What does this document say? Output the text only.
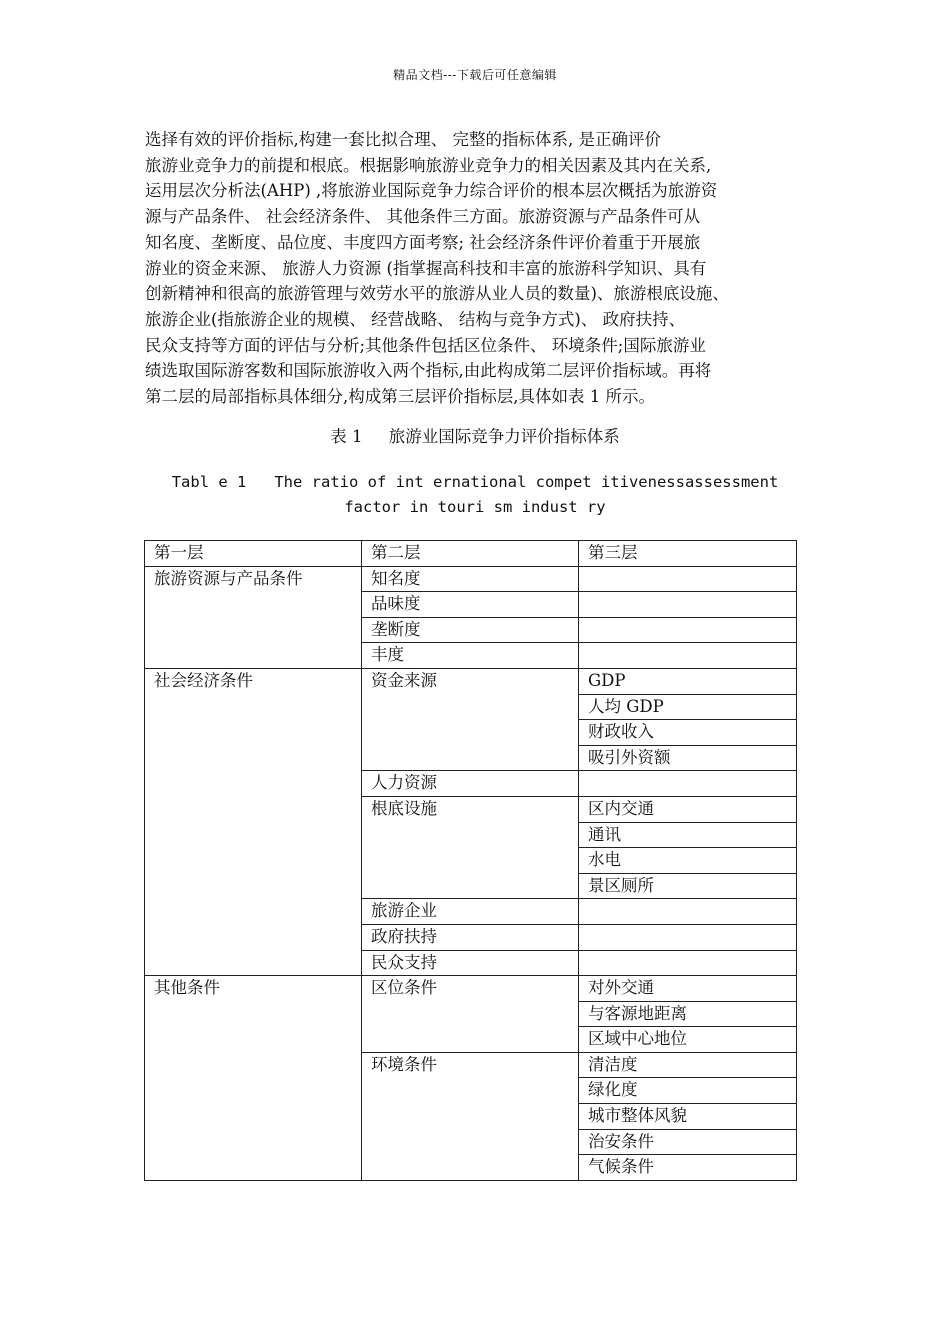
精品文档---下载后可任意编辑

选择有效的评价指标,构建一套比拟合理、 完整的指标体系, 是正确评价
旅游业竞争力的前提和根底。根据影响旅游业竞争力的相关因素及其内在关系,
运用层次分析法(AHP) ,将旅游业国际竞争力综合评价的根本层次概括为旅游资
源与产品条件、 社会经济条件、 其他条件三方面。旅游资源与产品条件可从
知名度、垄断度、品位度、丰度四方面考察; 社会经济条件评价着重于开展旅
游业的资金来源、 旅游人力资源 (指掌握高科技和丰富的旅游科学知识、具有
创新精神和很高的旅游管理与效劳水平的旅游从业人员的数量)、旅游根底设施、
旅游企业(指旅游企业的规模、 经营战略、 结构与竞争方式)、 政府扶持、
民众支持等方面的评估与分析;其他条件包括区位条件、 环境条件;国际旅游业
绩选取国际游客数和国际旅游收入两个指标,由此构成第二层评价指标域。再将
第二层的局部指标具体细分,构成第三层评价指标层,具体如表 1 所示。

表 1     旅游业国际竞争力评价指标体系
Tabl e 1   The ratio of int ernational compet itivenessassessment
factor in touri sm indust ry
第一层	第二层	第三层
旅游资源与产品条件	知名度	
	品味度	
	垄断度	
	丰度	
社会经济条件	资金来源	GDP
		人均 GDP
		财政收入
		吸引外资额
	人力资源	
	根底设施	区内交通
		通讯
		水电
		景区厕所
	旅游企业	
	政府扶持	
	民众支持	
其他条件	区位条件	对外交通
		与客源地距离
		区域中心地位
	环境条件	清洁度
		绿化度
		城市整体风貌
		治安条件
		气候条件
